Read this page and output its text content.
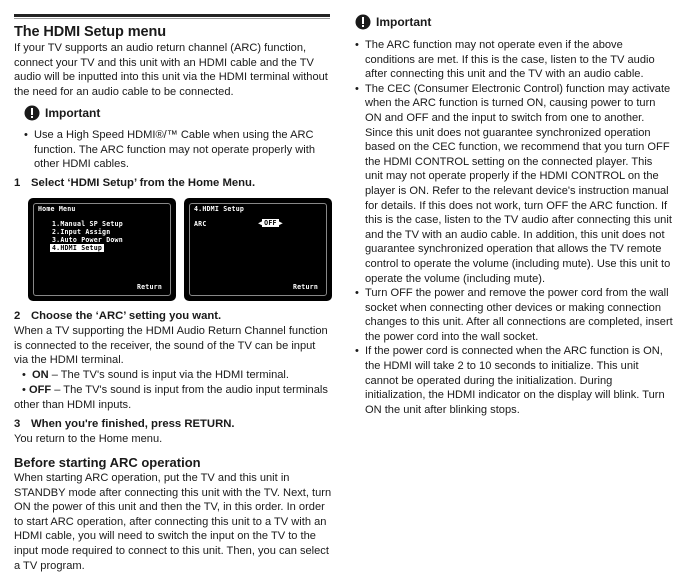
The HDMI Setup menu

If your TV supports an audio return channel (ARC) function, connect your TV and this unit with an HDMI cable and the TV audio will be inputted into this unit via the HDMI terminal without the need for an audio cable to be connected.

Important
• Use a High Speed HDMI®/™ Cable when using the ARC function. The ARC function may not operate properly with other HDMI cables.
1 Select ‘HDMI Setup’ from the Home Menu.
Home Menu
1.Manual SP Setup
2.Input Assign
3.Auto Power Down
4.HDMI Setup
Return
4.HDMI Setup
ARC	◀ OFF ▶
Return
2 Choose the ‘ARC’ setting you want.

When a TV supporting the HDMI Audio Return Channel function is connected to the receiver, the sound of the TV can be input via the HDMI terminal.

• ON – The TV's sound is input via the HDMI terminal.
• OFF – The TV's sound is input from the audio input terminals other than HDMI inputs.
3 When you're finished, press RETURN.

You return to the Home menu.

Before starting ARC operation

When starting ARC operation, put the TV and this unit in STANDBY mode after connecting this unit with the TV. Next, turn ON the power of this unit and then the TV, in this order. In order to start ARC operation, after connecting this unit to a TV with an HDMI cable, you will need to switch the input on the TV to the input mode required to connect to this unit. Then, you can select a TV program.

Important
• The ARC function may not operate even if the above conditions are met. If this is the case, listen to the TV audio after connecting this unit and the TV with an audio cable.
• The CEC (Consumer Electronic Control) function may activate when the ARC function is turned ON, causing power to turn ON and OFF and the input to switch from one to another. Since this unit does not guarantee synchronized operation based on the CEC function, we recommend that you turn OFF the HDMI CONTROL setting on the connected player. This unit may not operate properly if the HDMI CONTROL on the player is ON. Refer to the relevant device's instruction manual for details. If this does not work, turn OFF the ARC function. If this is the case, listen to the TV audio after connecting this unit and the TV with an audio cable. In addition, this unit does not guarantee synchronized operation that allows the TV remote control to operate the volume (including mute). Use this unit to operate the volume (including mute).
• Turn OFF the power and remove the power cord from the wall socket when connecting other devices or making connection changes to this unit. After all connections are completed, insert the power cord into the wall socket.
• If the power cord is connected when the ARC function is ON, the HDMI will take 2 to 10 seconds to initialize. This unit cannot be operated during the initialization. During initialization, the HDMI indicator on the display will blink. Turn ON the unit after blinking stops.
